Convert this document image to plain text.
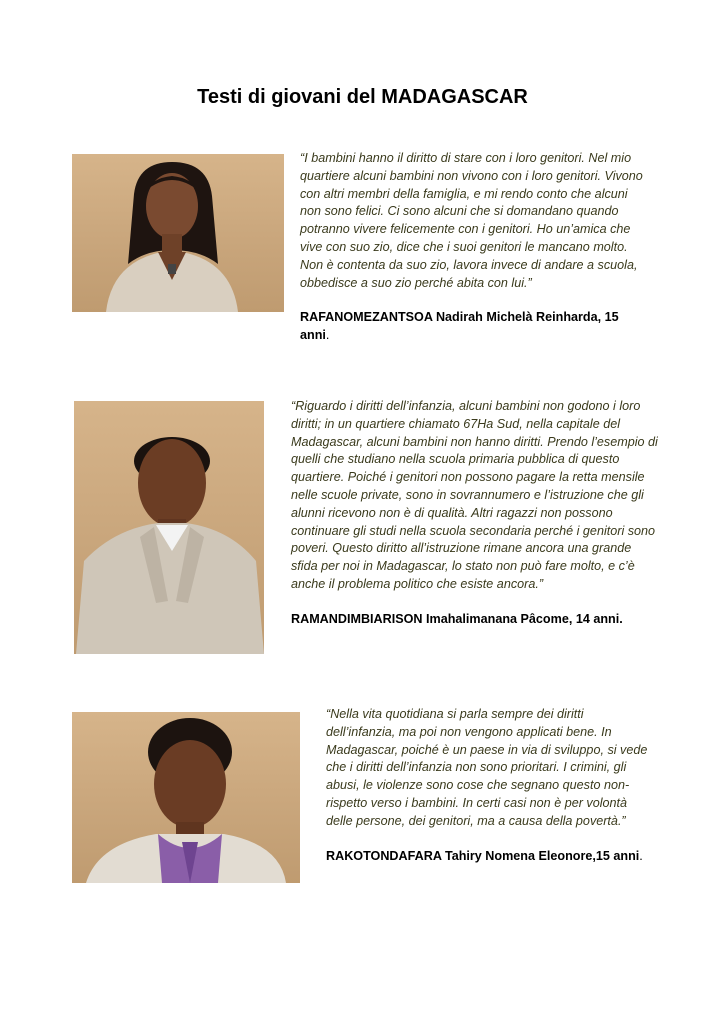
Testi di giovani del MADAGASCAR

“I bambini hanno il diritto di stare con i loro genitori. Nel mio quartiere alcuni bambini non vivono con i loro genitori. Vivono con altri membri della famiglia, e mi rendo conto che alcuni non sono felici. Ci sono alcuni che si domandano quando potranno vivere felicemente con i genitori. Ho un’amica che vive con suo zio, dice che i suoi genitori le mancano molto. Non è contenta da suo zio, lavora invece di andare a scuola, obbedisce a suo zio perché abita con lui.”

RAFANOMEZANTSOA Nadirah Michelà Reinharda, 15 anni.

“Riguardo i diritti dell’infanzia, alcuni bambini non godono i loro diritti; in un quartiere chiamato 67Ha Sud, nella capitale del Madagascar, alcuni bambini non hanno diritti. Prendo l’esempio di quelli che studiano nella scuola primaria pubblica di questo quartiere. Poiché i genitori non possono pagare la retta mensile nelle scuole private, sono in sovrannumero e l’istruzione che gli alunni ricevono non è di qualità. Altri ragazzi non possono continuare gli studi nella scuola secondaria perché i genitori sono poveri. Questo diritto all’istruzione rimane ancora una grande sfida per noi in Madagascar, lo stato non può fare molto, e c’è anche il problema politico che esiste ancora.”

RAMANDIMBIARISON Imahalimanana Pâcome, 14 anni.

“Nella vita quotidiana si parla sempre dei diritti dell’infanzia, ma poi non vengono applicati bene. In Madagascar, poiché è un paese in via di sviluppo, si vede che i diritti dell’infanzia non sono prioritari. I crimini, gli abusi, le violenze sono cose che segnano questo non-rispetto verso i bambini. In certi casi non è per volontà delle persone, dei genitori, ma a causa della povertà.”

RAKOTONDAFARA Tahiry Nomena Eleonore,15 anni.
